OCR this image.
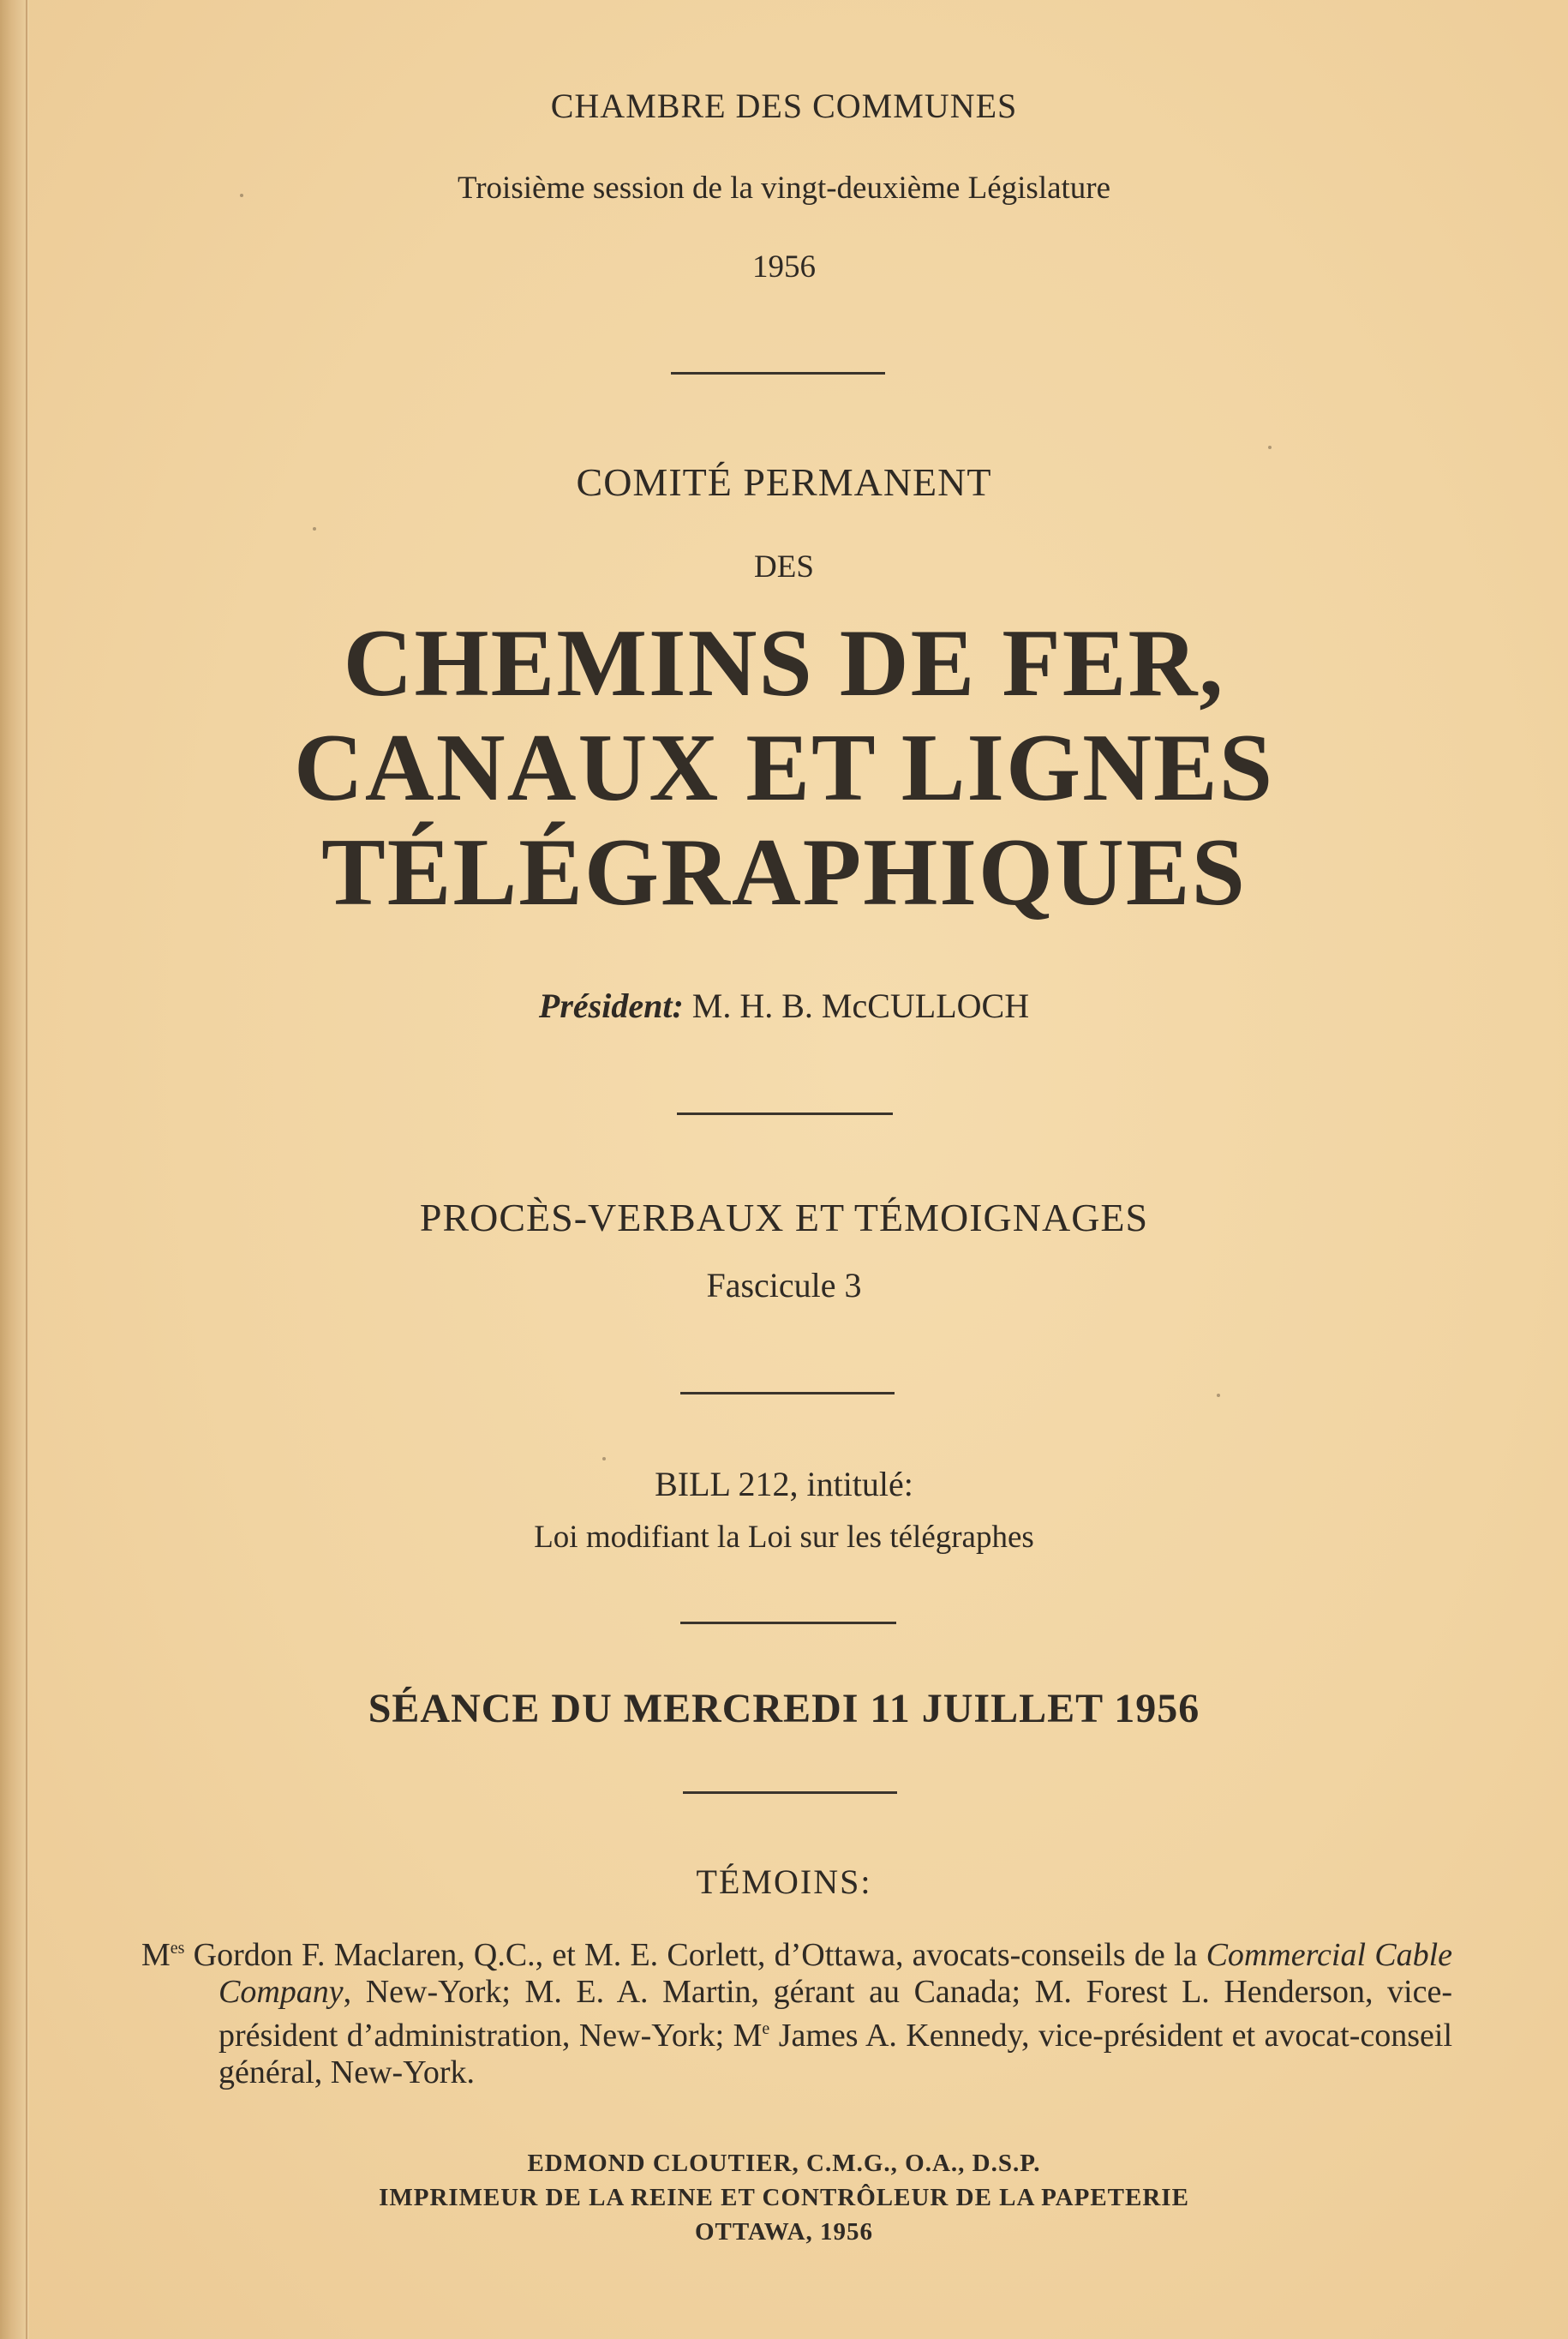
CHAMBRE DES COMMUNES
Troisième session de la vingt-deuxième Législature
1956
COMITÉ PERMANENT
DES
CHEMINS DE FER,
CANAUX ET LIGNES
TÉLÉGRAPHIQUES
Président: M. H. B. McCULLOCH
PROCÈS-VERBAUX ET TÉMOIGNAGES
Fascicule 3
BILL 212, intitulé:
Loi modifiant la Loi sur les télégraphes
SÉANCE DU MERCREDI 11 JUILLET 1956
TÉMOINS:

$M^{es}$ Gordon F. Maclaren, Q.C., et M. E. Corlett, d’Ottawa, avocats-conseils de la Commercial Cable Company, New-York; M. E. A. Martin, gérant au Canada; M. Forest L. Henderson, vice-président d’administration, New-York; Me James A. Kennedy, vice-président et avocat-conseil général, New-York.

EDMOND CLOUTIER, C.M.G., O.A., D.S.P.
IMPRIMEUR DE LA REINE ET CONTRÔLEUR DE LA PAPETERIE
OTTAWA, 1956
